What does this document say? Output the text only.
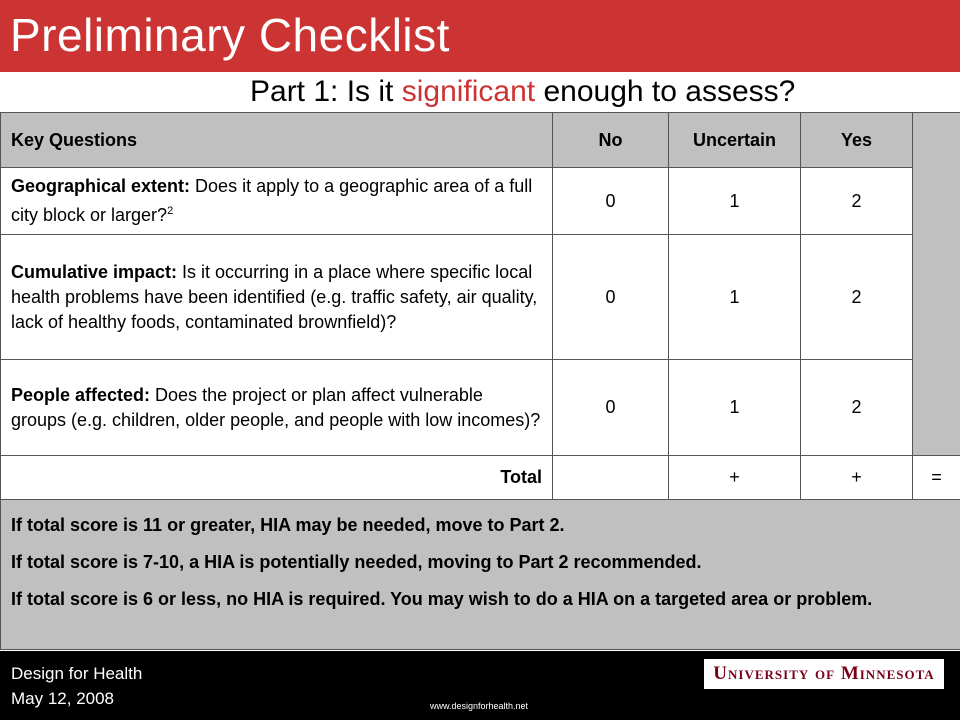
Preliminary Checklist
Part 1: Is it significant enough to assess?
Key Questions	No	Uncertain	Yes	
Geographical extent: Does it apply to a geographic area of a full city block or larger?$^2$	0	1	2	
Cumulative impact: Is it occurring in a place where specific local health problems have been identified (e.g. traffic safety, air quality, lack of healthy foods, contaminated brownfield)?	0	1	2	
People affected: Does the project or plan affect vulnerable groups (e.g. children, older people, and people with low incomes)?	0	1	2	
Total		+	+	=

If total score is 11 or greater, HIA may be needed, move to Part 2.
If total score is 7-10, a HIA is potentially needed, moving to Part 2 recommended.
If total score is 6 or less, no HIA is required. You may wish to do a HIA on a targeted area or problem.				
Design for Health
May 12, 2008	www.designforhealth.net
University of Minnesota
